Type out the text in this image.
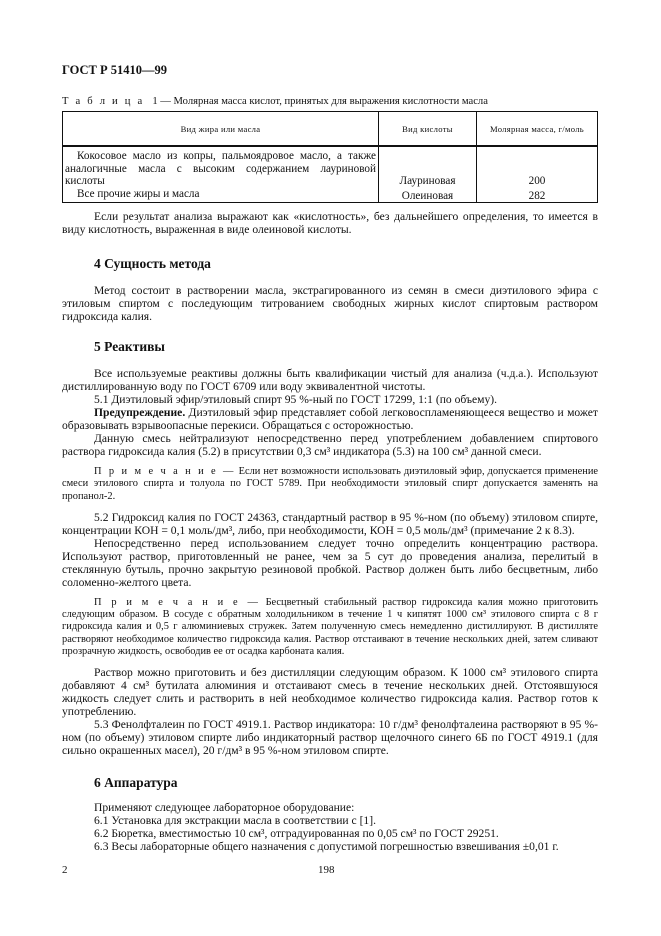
ГОСТ Р 51410—99
Т а б л и ц а 1 — Молярная масса кислот, принятых для выражения кислотности масла
Вид жира или масла	Вид кислоты	Молярная масса, г/моль
Кокосовое масло из копры, пальмоядровое масло, а также аналогичные масла с высоким содержанием лауриновой кислоты	Лауриновая	200
Все прочие жиры и масла	Олеиновая	282

Если результат анализа выражают как «кислотность», без дальнейшего определения, то имеется в виду кислотность, выраженная в виде олеиновой кислоты.

4 Сущность метода

Метод состоит в растворении масла, экстрагированного из семян в смеси диэтилового эфира с этиловым спиртом с последующим титрованием свободных жирных кислот спиртовым раствором гидроксида калия.

5 Реактивы

Все используемые реактивы должны быть квалификации чистый для анализа (ч.д.а.). Используют дистиллированную воду по ГОСТ 6709 или воду эквивалентной чистоты.

5.1 Диэтиловый эфир/этиловый спирт 95 %-ный по ГОСТ 17299, 1:1 (по объему).

Предупреждение. Диэтиловый эфир представляет собой легковоспламеняющееся вещество и может образовывать взрывоопасные перекиси. Обращаться с осторожностью.

Данную смесь нейтрализуют непосредственно перед употреблением добавлением спиртового раствора гидроксида калия (5.2) в присутствии 0,3 см³ индикатора (5.3) на 100 см³ данной смеси.

П р и м е ч а н и е — Если нет возможности использовать диэтиловый эфир, допускается применение смеси этилового спирта и толуола по ГОСТ 5789. При необходимости этиловый спирт допускается заменять на пропанол-2.

5.2 Гидроксид калия по ГОСТ 24363, стандартный раствор в 95 %-ном (по объему) этиловом спирте, концентрации КОН = 0,1 моль/дм³, либо, при необходимости, КОН = 0,5 моль/дм³ (примечание 2 к 8.3).

Непосредственно перед использованием следует точно определить концентрацию раствора. Используют раствор, приготовленный не ранее, чем за 5 сут до проведения анализа, перелитый в стеклянную бутыль, прочно закрытую резиновой пробкой. Раствор должен быть либо бесцветным, либо соломенно-желтого цвета.

П р и м е ч а н и е — Бесцветный стабильный раствор гидроксида калия можно приготовить следующим образом. В сосуде с обратным холодильником в течение 1 ч кипятят 1000 см³ этилового спирта с 8 г гидроксида калия и 0,5 г алюминиевых стружек. Затем полученную смесь немедленно дистиллируют. В дистилляте растворяют необходимое количество гидроксида калия. Раствор отстаивают в течение нескольких дней, затем сливают прозрачную жидкость, освободив ее от осадка карбоната калия.

Раствор можно приготовить и без дистилляции следующим образом. К 1000 см³ этилового спирта добавляют 4 см³ бутилата алюминия и отстаивают смесь в течение нескольких дней. Отстоявшуюся жидкость следует слить и растворить в ней необходимое количество гидроксида калия. Раствор готов к употреблению.

5.3 Фенолфталеин по ГОСТ 4919.1. Раствор индикатора: 10 г/дм³ фенолфталеина растворяют в 95 %-ном (по объему) этиловом спирте либо индикаторный раствор щелочного синего 6Б по ГОСТ 4919.1 (для сильно окрашенных масел), 20 г/дм³ в 95 %-ном этиловом спирте.

6 Аппаратура

Применяют следующее лабораторное оборудование:

6.1 Установка для экстракции масла в соответствии с [1].

6.2 Бюретка, вместимостью 10 см³, отградуированная по 0,05 см³ по ГОСТ 29251.

6.3 Весы лабораторные общего назначения с допустимой погрешностью взвешивания ±0,01 г.

2	198
